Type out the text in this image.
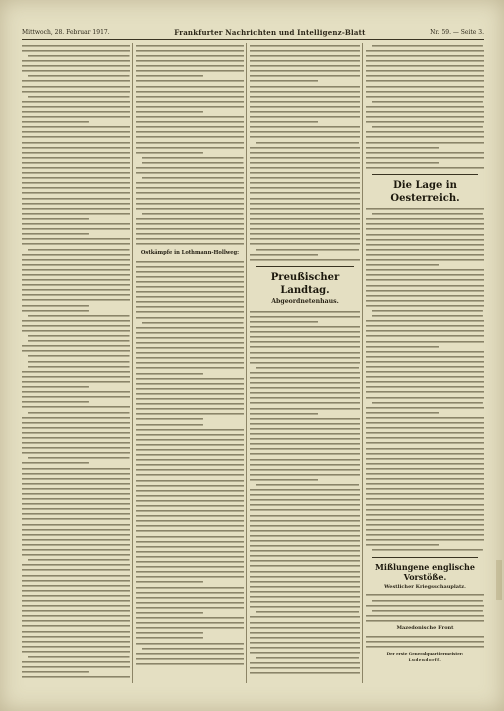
Mittwoch, 28. Februar 1917.	Frankfurter Nachrichten und Intelligenz-Blatt	Nr. 59. — Seite 3.
Ostkämpfe in Lothmann-Hollweg:
Preußischer Landtag.
Abgeordnetenhaus.
Die Lage in Oesterreich.
Mißlungene englische Vorstöße.
Westlicher Kriegsschauplatz.
Mazedonische Front
Der erste Generalquartiermeister:
Ludendorff.
